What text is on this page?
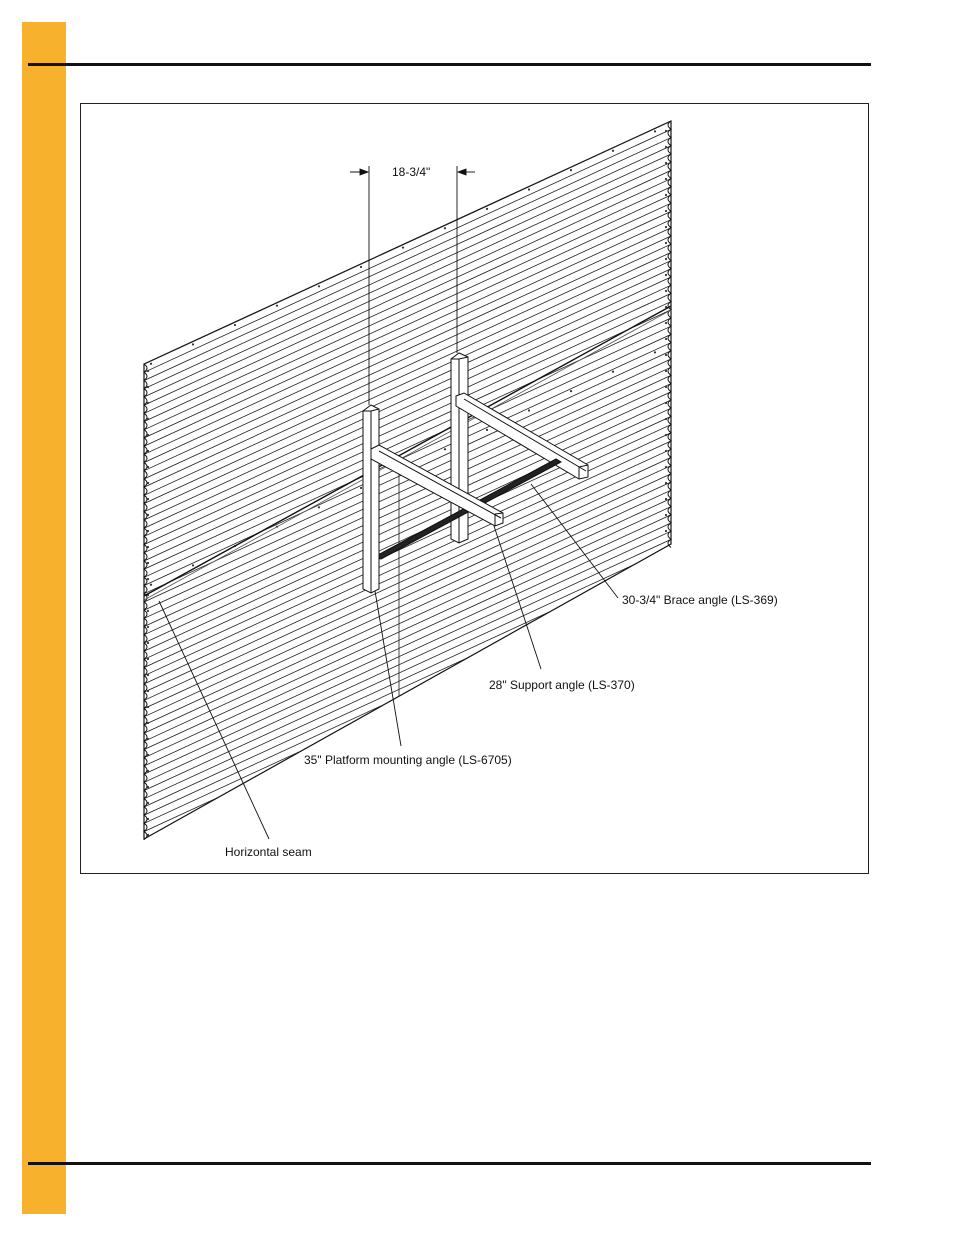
18-3/4"
30-3/4" Brace angle (LS-369)
28" Support angle (LS-370)
35" Platform mounting angle (LS-6705)
Horizontal seam
